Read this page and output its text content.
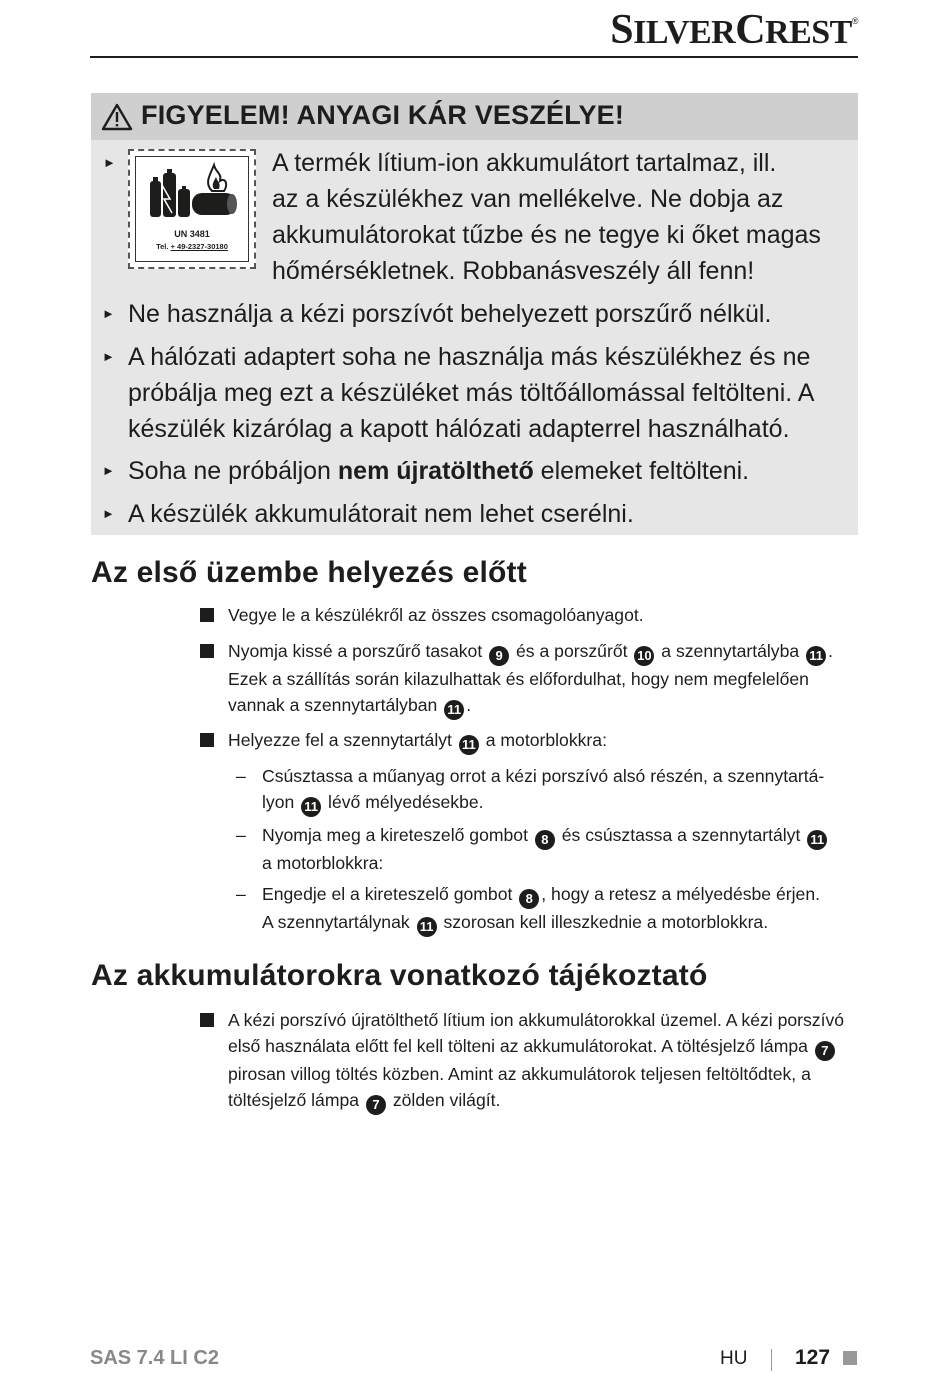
SILVERCREST®
FIGYELEM! ANYAGI KÁR VESZÉLYE!
UN 3481
Tel. + 49-2327-30180
►	A termék lítium-ion akkumulátort tartalmaz, ill.
az a készülékhez van mellékelve. Ne dobja az
akkumulátorokat tűzbe és ne tegye ki őket magas
hőmérsékletnek. Robbanásveszély áll fenn!
► Ne használja a kézi porszívót behelyezett porszűrő nélkül.
► A hálózati adaptert soha ne használja más készülékhez és ne
próbálja meg ezt a készüléket más töltőállomással feltölteni. A
készülék kizárólag a kapott hálózati adapterrel használható.
► Soha ne próbáljon nem újratölthető elemeket feltölteni.
► A készülék akkumulátorait nem lehet cserélni.
Az első üzembe helyezés előtt
Vegye le a készülékről az összes csomagolóanyagot.
Nyomja kissé a porszűrő tasakot 9 és a porszűrőt 10 a szennytartályba 11 .
Ezek a szállítás során kilazulhattak és előfordulhat, hogy nem megfelelően
vannak a szennytartályban 11 .
Helyezze fel a szennytartályt 11 a motorblokkra:
– Csúsztassa a műanyag orrot a kézi porszívó alsó részén, a szennytartá-
lyon 11 lévő mélyedésekbe.
– Nyomja meg a kireteszelő gombot 8 és csúsztassa a szennytartályt 11
a motorblokkra:
– Engedje el a kireteszelő gombot 8 , hogy a retesz a mélyedésbe érjen.
A szennytartálynak 11 szorosan kell illeszkednie a motorblokkra.
Az akkumulátorokra vonatkozó tájékoztató
A kézi porszívó újratölthető lítium ion akkumulátorokkal üzemel. A kézi porszívó
első használata előtt fel kell tölteni az akkumulátorokat. A töltésjelző lámpa 7
pirosan villog töltés közben. Amint az akkumulátorok teljesen feltöltődtek, a
töltésjelző lámpa 7 zölden világít.
SAS 7.4 LI C2	HU 127
